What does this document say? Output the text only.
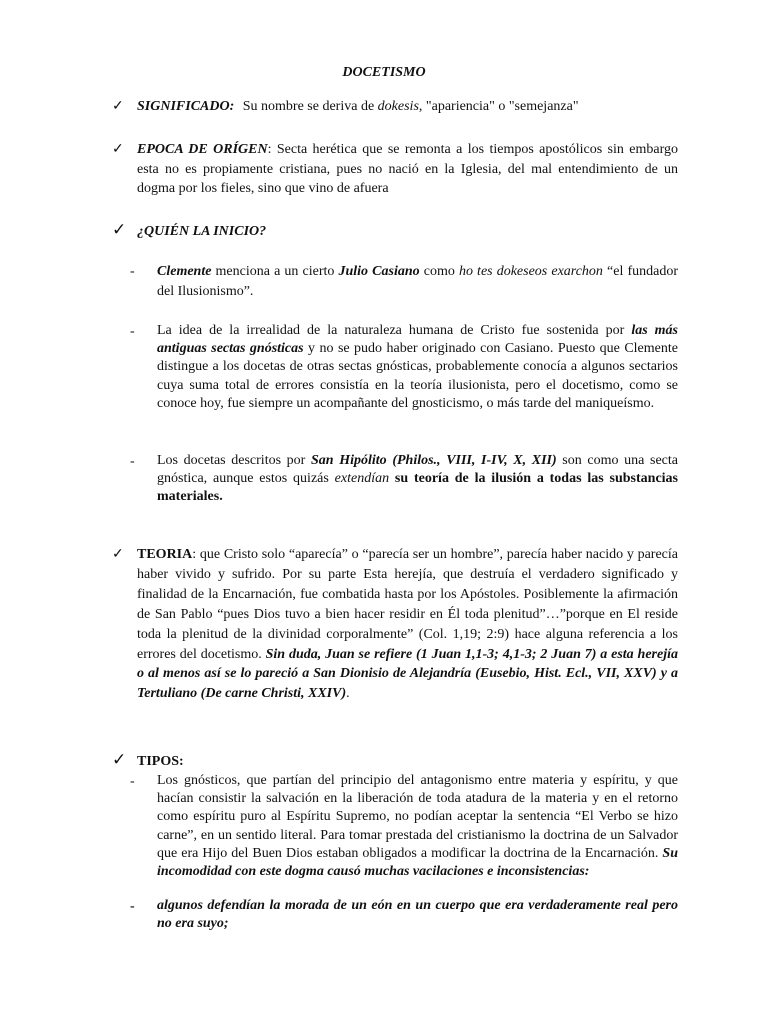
DOCETISMO
✓ SIGNIFICADO: Su nombre se deriva de dokesis, "apariencia" o "semejanza"
✓ EPOCA DE ORÍGEN: Secta herética que se remonta a los tiempos apostólicos sin embargo esta no es propiamente cristiana, pues no nació en la Iglesia, del mal entendimiento de un dogma por los fieles, sino que vino de afuera
✓ ¿QUIÉN LA INICIO?
- Clemente menciona a un cierto Julio Casiano como ho tes dokeseos exarchon “el fundador del Ilusionismo”.
- La idea de la irrealidad de la naturaleza humana de Cristo fue sostenida por las más antiguas sectas gnósticas y no se pudo haber originado con Casiano. Puesto que Clemente distingue a los docetas de otras sectas gnósticas, probablemente conocía a algunos sectarios cuya suma total de errores consistía en la teoría ilusionista, pero el docetismo, como se conoce hoy, fue siempre un acompañante del gnosticismo, o más tarde del maniqueísmo.
- Los docetas descritos por San Hipólito (Philos., VIII, I-IV, X, XII) son como una secta gnóstica, aunque estos quizás extendían su teoría de la ilusión a todas las substancias materiales.
✓ TEORIA: que Cristo solo “aparecía” o “parecía ser un hombre”, parecía haber nacido y parecía haber vivido y sufrido. Por su parte Esta herejía, que destruía el verdadero significado y finalidad de la Encarnación, fue combatida hasta por los Apóstoles. Posiblemente la afirmación de San Pablo “pues Dios tuvo a bien hacer residir en Él toda plenitud”…”porque en El reside toda la plenitud de la divinidad corporalmente” (Col. 1,19; 2:9) hace alguna referencia a los errores del docetismo. Sin duda, Juan se refiere (1 Juan 1,1-3; 4,1-3; 2 Juan 7) a esta herejía o al menos así se lo pareció a San Dionisio de Alejandría (Eusebio, Hist. Ecl., VII, XXV) y a Tertuliano (De carne Christi, XXIV).
✓ TIPOS:
- Los gnósticos, que partían del principio del antagonismo entre materia y espíritu, y que hacían consistir la salvación en la liberación de toda atadura de la materia y en el retorno como espíritu puro al Espíritu Supremo, no podían aceptar la sentencia “El Verbo se hizo carne”, en un sentido literal. Para tomar prestada del cristianismo la doctrina de un Salvador que era Hijo del Buen Dios estaban obligados a modificar la doctrina de la Encarnación. Su incomodidad con este dogma causó muchas vacilaciones e inconsistencias:
- algunos defendían la morada de un eón en un cuerpo que era verdaderamente real pero no era suyo;
